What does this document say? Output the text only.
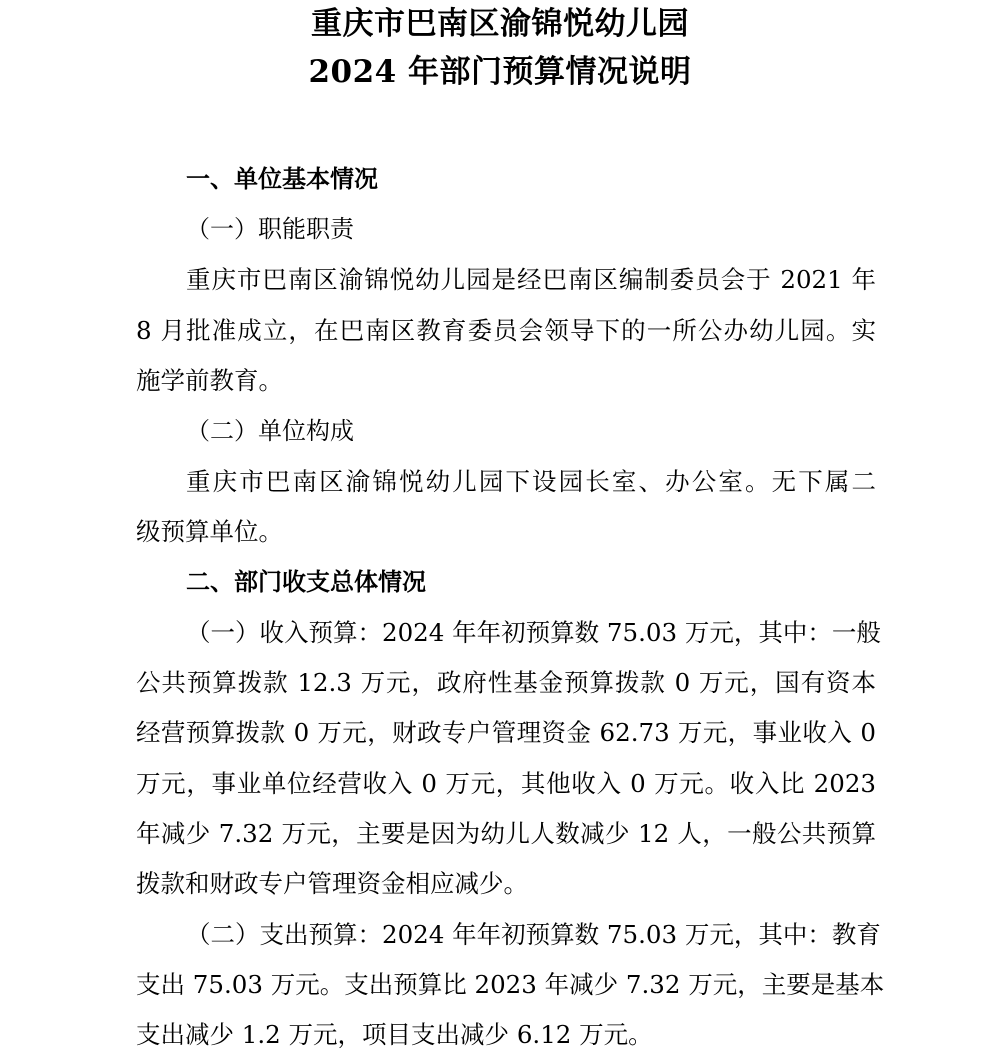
重庆市巴南区渝锦悦幼儿园
2024 年部门预算情况说明
一、单位基本情况
（一）职能职责
重庆市巴南区渝锦悦幼儿园是经巴南区编制委员会于 2021 年
8 月批准成立，在巴南区教育委员会领导下的一所公办幼儿园。实
施学前教育。
（二）单位构成
重庆市巴南区渝锦悦幼儿园下设园长室、办公室。无下属二
级预算单位。
二、部门收支总体情况
（一）收入预算：2024 年年初预算数 75.03 万元，其中：一般
公共预算拨款 12.3 万元，政府性基金预算拨款 0 万元，国有资本
经营预算拨款 0 万元，财政专户管理资金 62.73 万元，事业收入 0
万元，事业单位经营收入 0 万元，其他收入 0 万元。收入比 2023
年减少 7.32 万元，主要是因为幼儿人数减少 12 人，一般公共预算
拨款和财政专户管理资金相应减少。
（二）支出预算：2024 年年初预算数 75.03 万元，其中：教育
支出 75.03 万元。支出预算比 2023 年减少 7.32 万元，主要是基本
支出减少 1.2 万元，项目支出减少 6.12 万元。
